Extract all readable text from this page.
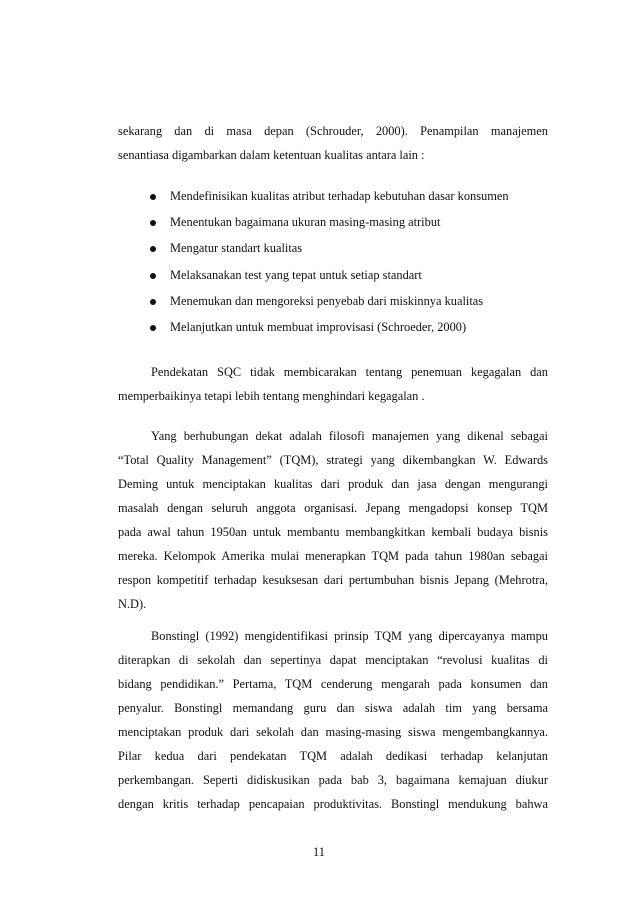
sekarang dan di masa depan (Schrouder, 2000). Penampilan manajemen
senantiasa digambarkan dalam ketentuan kualitas antara lain :

Mendefinisikan kualitas atribut terhadap kebutuhan dasar konsumen
Menentukan bagaimana ukuran masing-masing atribut
Mengatur standart kualitas
Melaksanakan test yang tepat untuk setiap standart
Menemukan dan mengoreksi penyebab dari miskinnya kualitas
Melanjutkan untuk membuat improvisasi (Schroeder, 2000)

Pendekatan SQC tidak membicarakan tentang penemuan kegagalan dan
memperbaikinya tetapi lebih tentang menghindari kegagalan .

Yang berhubungan dekat adalah filosofi manajemen yang dikenal sebagai
“Total Quality Management” (TQM), strategi yang dikembangkan W. Edwards
Deming untuk menciptakan kualitas dari produk dan jasa dengan mengurangi
masalah dengan seluruh anggota organisasi. Jepang mengadopsi konsep TQM
pada awal tahun 1950an untuk membantu membangkitkan kembali budaya bisnis
mereka. Kelompok Amerika mulai menerapkan TQM pada tahun 1980an sebagai
respon kompetitif terhadap kesuksesan dari pertumbuhan bisnis Jepang (Mehrotra,
N.D).

Bonstingl (1992) mengidentifikasi prinsip TQM yang dipercayanya mampu
diterapkan di sekolah dan sepertinya dapat menciptakan “revolusi kualitas di
bidang pendidikan.” Pertama, TQM cenderung mengarah pada konsumen dan
penyalur. Bonstingl memandang guru dan siswa adalah tim yang bersama
menciptakan produk dari sekolah dan masing-masing siswa mengembangkannya.
Pilar kedua dari pendekatan TQM adalah dedikasi terhadap kelanjutan
perkembangan. Seperti didiskusikan pada bab 3, bagaimana kemajuan diukur
dengan kritis terhadap pencapaian produktivitas. Bonstingl mendukung bahwa

11
